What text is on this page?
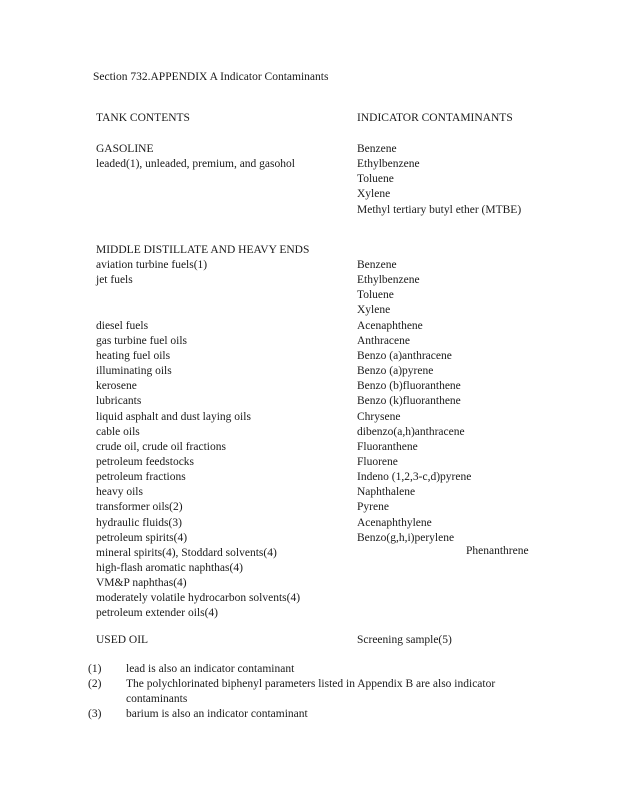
Section 732.APPENDIX A Indicator Contaminants
TANK CONTENTS	INDICATOR CONTAMINANTS
GASOLINE
leaded(1), unleaded, premium, and gasohol
Benzene
Ethylbenzene
Toluene
Xylene
Methyl tertiary butyl ether (MTBE)
MIDDLE DISTILLATE AND HEAVY ENDS
aviation turbine fuels(1)
jet fuels
diesel fuels
gas turbine fuel oils
heating fuel oils
illuminating oils
kerosene
lubricants
liquid asphalt and dust laying oils
cable oils
crude oil, crude oil fractions
petroleum feedstocks
petroleum fractions
heavy oils
transformer oils(2)
hydraulic fluids(3)
petroleum spirits(4)
mineral spirits(4), Stoddard solvents(4)
high-flash aromatic naphthas(4)
VM&P naphthas(4)
moderately volatile hydrocarbon solvents(4)
petroleum extender oils(4)
Benzene
Ethylbenzene
Toluene
Xylene
Acenaphthene
Anthracene
Benzo (a)anthracene
Benzo (a)pyrene
Benzo (b)fluoranthene
Benzo (k)fluoranthene
Chrysene
dibenzo(a,h)anthracene
Fluoranthene
Fluorene
Indeno (1,2,3-c,d)pyrene
Naphthalene
Pyrene
Acenaphthylene
Benzo(g,h,i)perylene
Phenanthrene
USED OIL	Screening sample(5)
(1) lead is also an indicator contaminant
(2) The polychlorinated biphenyl parameters listed in Appendix B are also indicator
contaminants
(3) barium is also an indicator contaminant
